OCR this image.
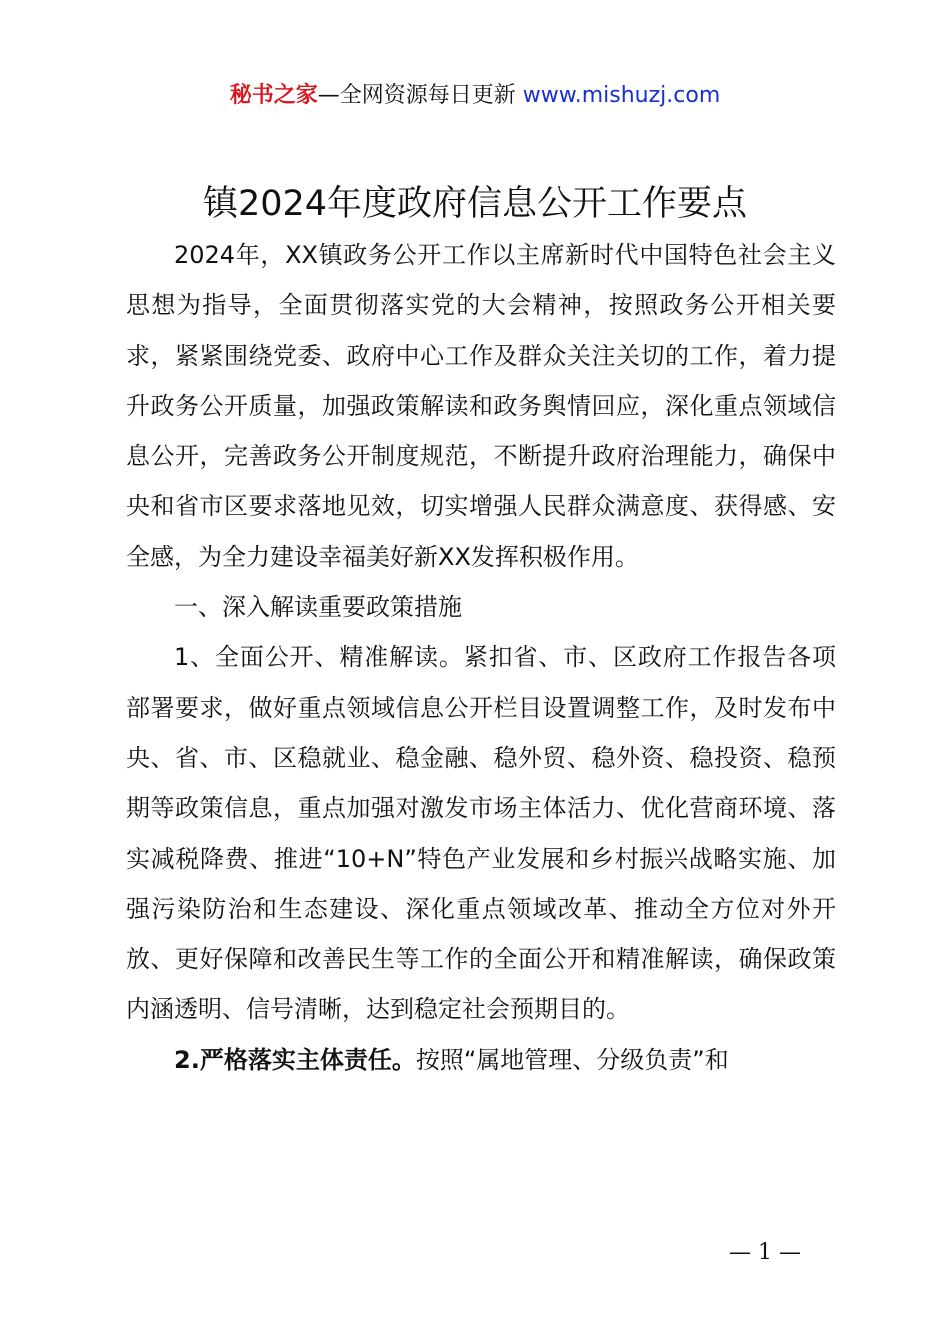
秘书之家—全网资源每日更新 www.mishuzj.com
镇2024年度政府信息公开工作要点

2024年，XX镇政务公开工作以主席新时代中国特色社会主义思想为指导，全面贯彻落实党的大会精神，按照政务公开相关要求，紧紧围绕党委、政府中心工作及群众关注关切的工作，着力提升政务公开质量，加强政策解读和政务舆情回应，深化重点领域信息公开，完善政务公开制度规范，不断提升政府治理能力，确保中央和省市区要求落地见效，切实增强人民群众满意度、获得感、安全感，为全力建设幸福美好新XX发挥积极作用。

一、深入解读重要政策措施

1、全面公开、精准解读。紧扣省、市、区政府工作报告各项部署要求，做好重点领域信息公开栏目设置调整工作，及时发布中央、省、市、区稳就业、稳金融、稳外贸、稳外资、稳投资、稳预期等政策信息，重点加强对激发市场主体活力、优化营商环境、落实减税降费、推进“10+N”特色产业发展和乡村振兴战略实施、加强污染防治和生态建设、深化重点领域改革、推动全方位对外开放、更好保障和改善民生等工作的全面公开和精准解读，确保政策内涵透明、信号清晰，达到稳定社会预期目的。

2.严格落实主体责任。按照“属地管理、分级负责”和

— 1 —
